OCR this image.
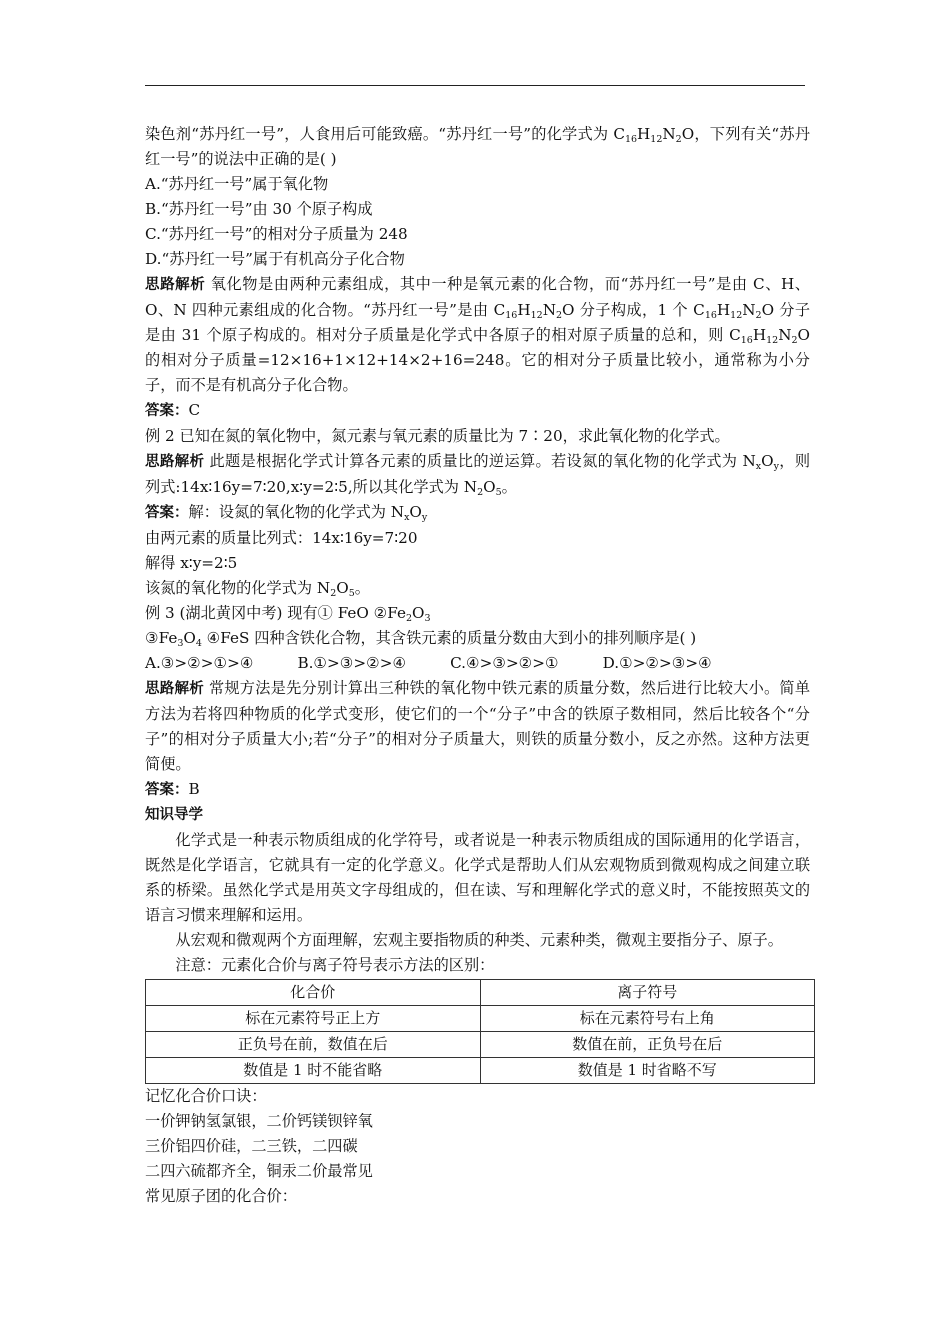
染色剂“苏丹红一号”，人食用后可能致癌。“苏丹红一号”的化学式为 $C_{16}H_{12}N_2O$，下列有关“苏丹红一号”的说法中正确的是( )

A.“苏丹红一号”属于氧化物

B.“苏丹红一号”由 30 个原子构成

C.“苏丹红一号”的相对分子质量为 248

D.“苏丹红一号”属于有机高分子化合物

思路解析 氧化物是由两种元素组成，其中一种是氧元素的化合物，而“苏丹红一号”是由 C、H、O、N 四种元素组成的化合物。“苏丹红一号”是由 $C_{16}H_{12}N_2O$ 分子构成，1 个 $C_{16}H_{12}N_2O$ 分子是由 31 个原子构成的。相对分子质量是化学式中各原子的相对原子质量的总和，则 $C_{16}H_{12}N_2O$ 的相对分子质量=12×16+1×12+14×2+16=248。它的相对分子质量比较小，通常称为小分子，而不是有机高分子化合物。

答案：C

例 2 已知在氮的氧化物中，氮元素与氧元素的质量比为 7∶20，求此氧化物的化学式。

思路解析 此题是根据化学式计算各元素的质量比的逆运算。若设氮的氧化物的化学式为 $N_xO_y$，则列式:14x∶16y=7∶20,x∶y=2∶5,所以其化学式为 $N_2O_5$。

答案：解：设氮的氧化物的化学式为 $N_xO_y$

由两元素的质量比列式：14x∶16y=7∶20

解得 x∶y=2∶5

该氮的氧化物的化学式为 $N_2O_5$。

例 3 (湖北黄冈中考) 现有① FeO $②Fe_2O_3$

$③Fe_3O_4$ ④FeS 四种含铁化合物，其含铁元素的质量分数由大到小的排列顺序是( )

A.③>②>①>④	B.①>③>②>④	C.④>③>②>①	D.①>②>③>④

思路解析 常规方法是先分别计算出三种铁的氧化物中铁元素的质量分数，然后进行比较大小。简单方法为若将四种物质的化学式变形，使它们的一个“分子”中含的铁原子数相同，然后比较各个“分子”的相对分子质量大小;若“分子”的相对分子质量大，则铁的质量分数小，反之亦然。这种方法更简便。

答案：B

知识导学

化学式是一种表示物质组成的化学符号，或者说是一种表示物质组成的国际通用的化学语言，既然是化学语言，它就具有一定的化学意义。化学式是帮助人们从宏观物质到微观构成之间建立联系的桥梁。虽然化学式是用英文字母组成的，但在读、写和理解化学式的意义时，不能按照英文的语言习惯来理解和运用。

从宏观和微观两个方面理解，宏观主要指物质的种类、元素种类，微观主要指分子、原子。

注意：元素化合价与离子符号表示方法的区别：

化合价	离子符号
标在元素符号正上方	标在元素符号右上角
正负号在前，数值在后	数值在前，正负号在后
数值是 1 时不能省略	数值是 1 时省略不写

记忆化合价口诀：

一价钾钠氢氯银，二价钙镁钡锌氧

三价铝四价硅，二三铁，二四碳

二四六硫都齐全，铜汞二价最常见

常见原子团的化合价：
